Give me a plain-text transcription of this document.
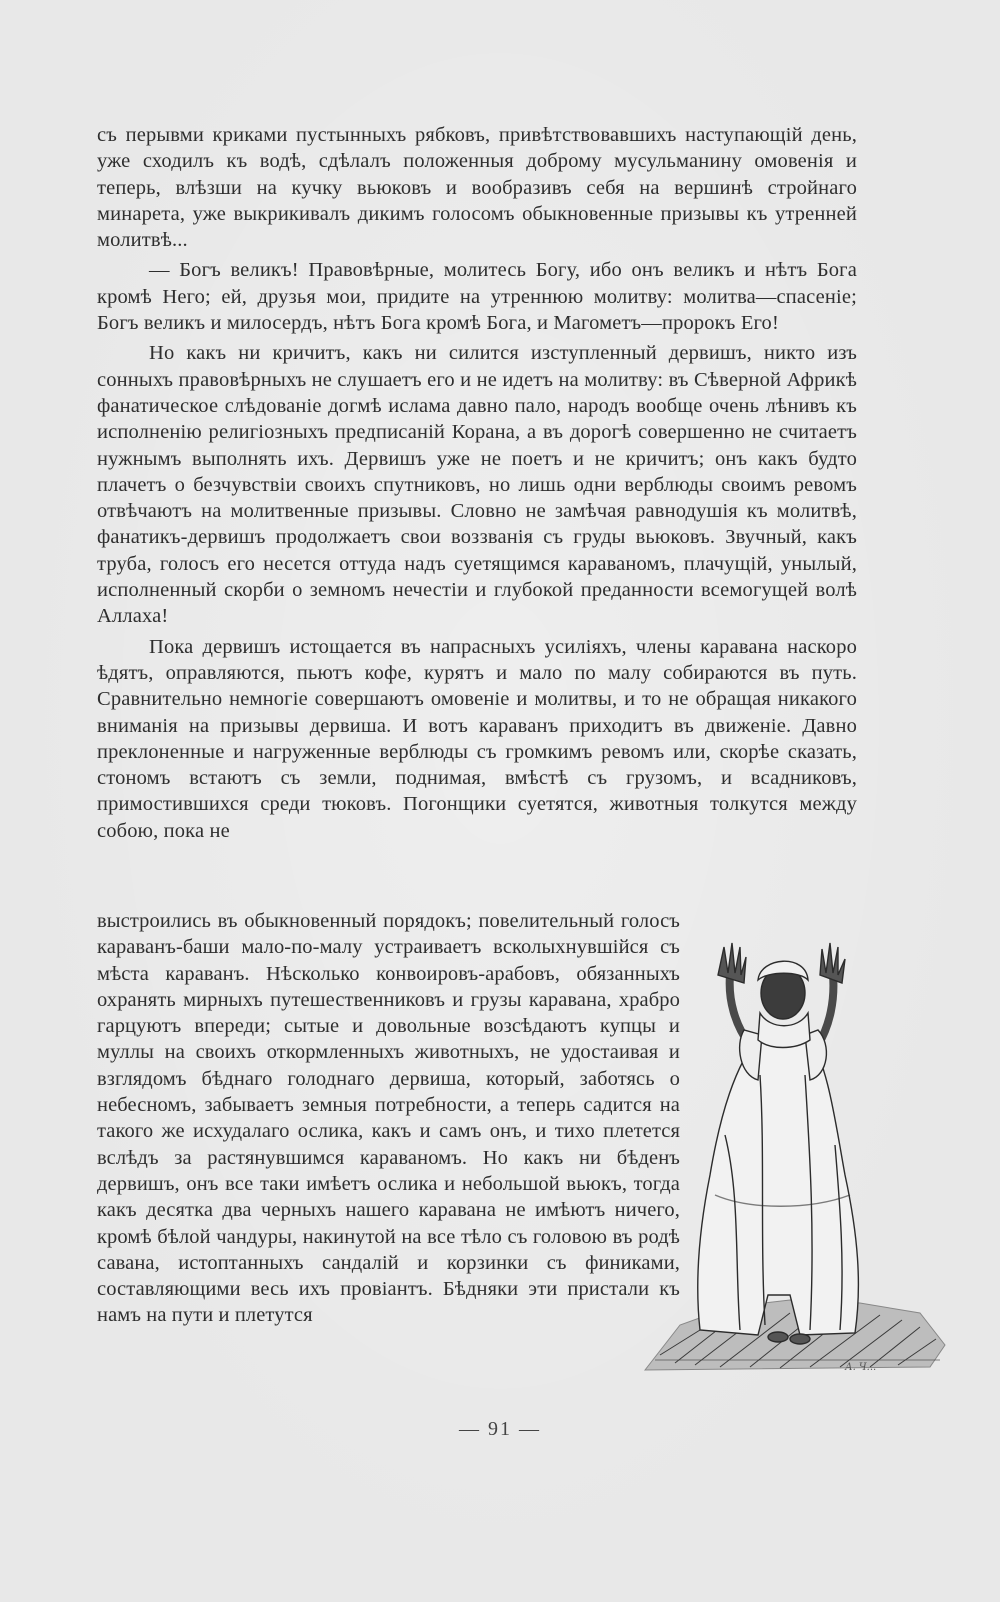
съ перывми криками пустынныхъ рябковъ, привѣтствовавшихъ наступающій день, уже сходилъ къ водѣ, сдѣлалъ положенныя доброму мусульманину омовенія и теперь, влѣзши на кучку вьюковъ и вообразивъ себя на вершинѣ стройнаго минарета, уже выкрикивалъ дикимъ голосомъ обыкновенные призывы къ утренней молитвѣ...

— Богъ великъ! Правовѣрные, молитесь Богу, ибо онъ великъ и нѣтъ Бога кромѣ Него; ей, друзья мои, придите на утреннюю молитву: молитва—спасеніе; Богъ великъ и милосердъ, нѣтъ Бога кромѣ Бога, и Магометъ—пророкъ Его!

Но какъ ни кричитъ, какъ ни силится изступленный дервишъ, никто изъ сонныхъ правовѣрныхъ не слушаетъ его и не идетъ на молитву: въ Сѣверной Африкѣ фанатическое слѣдованіе догмѣ ислама давно пало, народъ вообще очень лѣнивъ къ исполненію религіозныхъ предписаній Корана, а въ дорогѣ совершенно не считаетъ нужнымъ выполнять ихъ. Дервишъ уже не поетъ и не кричитъ; онъ какъ будто плачетъ о безчувствіи своихъ спутниковъ, но лишь одни верблюды своимъ ревомъ отвѣчаютъ на молитвенные призывы. Словно не замѣчая равнодушія къ молитвѣ, фанатикъ-дервишъ продолжаетъ свои воззванія съ груды вьюковъ. Звучный, какъ труба, голосъ его несется оттуда надъ суетящимся караваномъ, плачущій, унылый, исполненный скорби о земномъ нечестіи и глубокой преданности всемогущей волѣ Аллаха!

Пока дервишъ истощается въ напрасныхъ усиліяхъ, члены каравана наскоро ѣдятъ, оправляются, пьютъ кофе, курятъ и мало по малу собираются въ путь. Сравнительно немногіе совершаютъ омовеніе и молитвы, и то не обращая никакого вниманія на призывы дервиша. И вотъ караванъ приходитъ въ движеніе. Давно преклоненные и нагруженные верблюды съ громкимъ ревомъ или, скорѣе сказать, стономъ встаютъ съ земли, поднимая, вмѣстѣ съ грузомъ, и всадниковъ, примостившихся среди тюковъ. Погонщики суетятся, животныя толкутся между собою, пока не

выстроились въ обыкновенный порядокъ; повелительный голосъ караванъ-баши мало-по-малу устраиваетъ всколыхнувшійся съ мѣста караванъ. Нѣсколько конвоировъ-арабовъ, обязанныхъ охранять мирныхъ путешественниковъ и грузы каравана, храбро гарцуютъ впереди; сытые и довольные возсѣдаютъ купцы и муллы на своихъ откормленныхъ животныхъ, не удостаивая и взглядомъ бѣднаго голоднаго дервиша, который, заботясь о небесномъ, забываетъ земныя потребности, а теперь садится на такого же исхудалаго ослика, какъ и самъ онъ, и тихо плетется вслѣдъ за растянувшимся караваномъ. Но какъ ни бѣденъ дервишъ, онъ все таки имѣетъ ослика и небольшой вьюкъ, тогда какъ десятка два черныхъ нашего каравана не имѣютъ ничего, кромѣ бѣлой чандуры, накинутой на все тѣло съ головою въ родѣ савана, истоптанныхъ сандалій и корзинки съ финиками, составляющими весь ихъ провіантъ. Бѣдняки эти пристали къ намъ на пути и плетутся

А. Ч...
— 91 —
